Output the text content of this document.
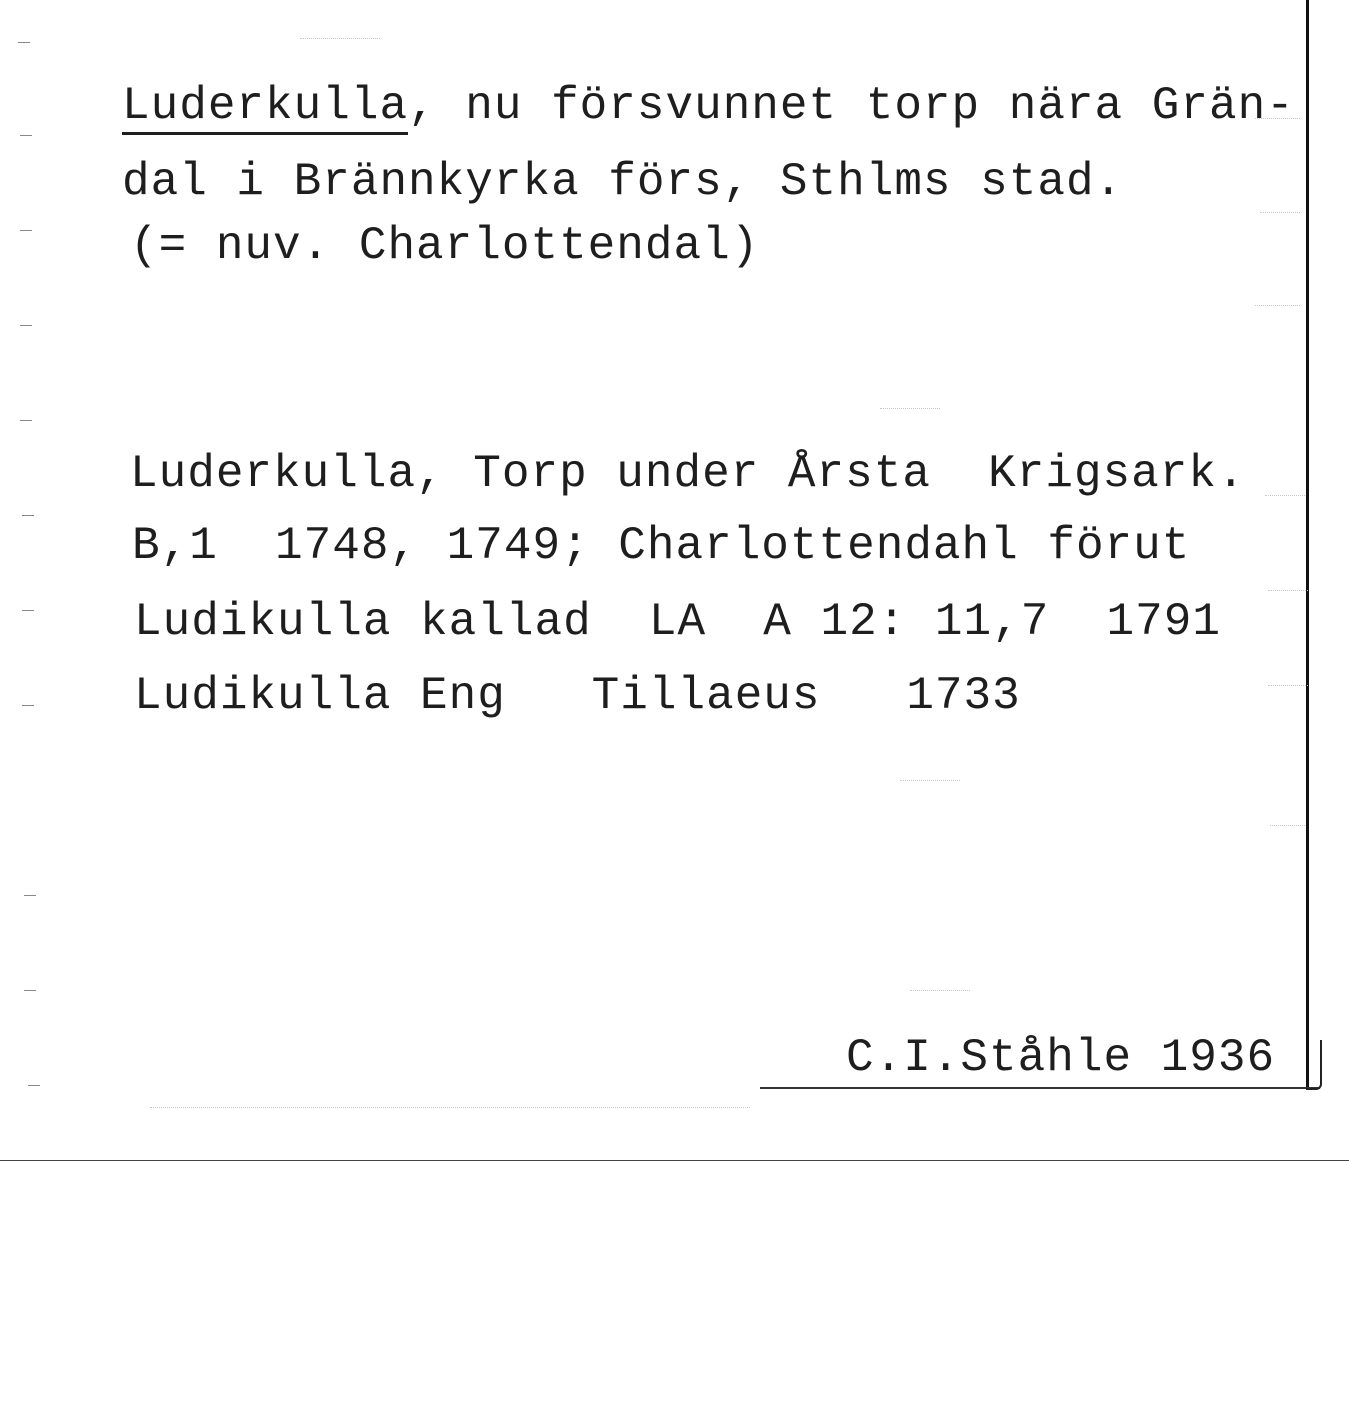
Luderkulla, nu försvunnet torp nära Grän-
dal i Brännkyrka förs, Sthlms stad.
(= nuv. Charlottendal)
Luderkulla, Torp under Årsta  Krigsark.
B,1  1748, 1749; Charlottendahl förut
Ludikulla kallad  LA  A 12: 11,7  1791
Ludikulla Eng   Tillaeus   1733
C.I.Ståhle 1936
